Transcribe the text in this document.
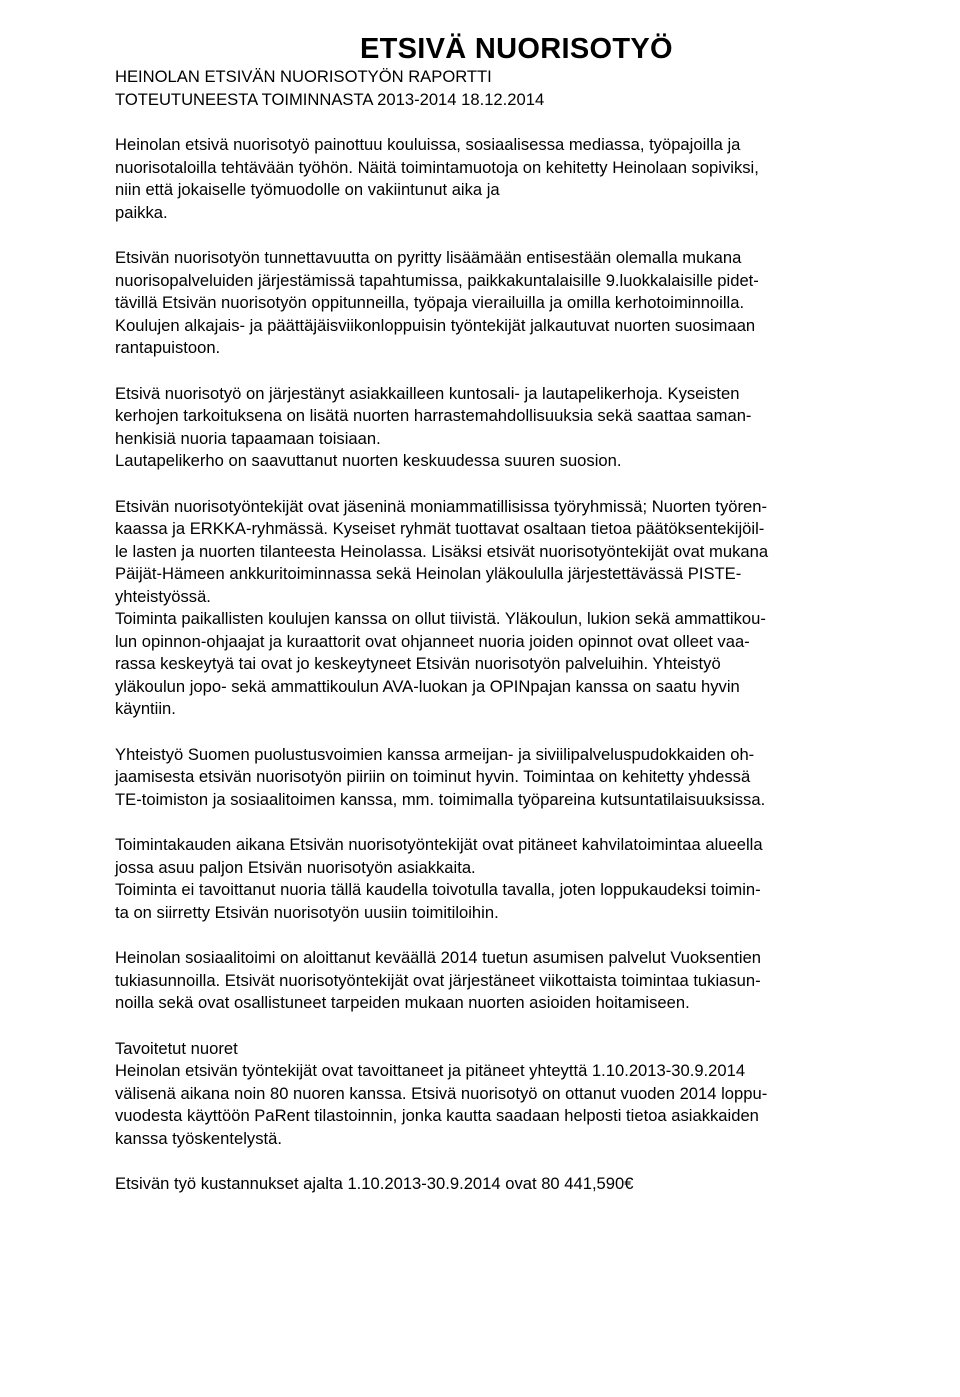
ETSIVÄ NUORISOTYÖ
HEINOLAN ETSIVÄN NUORISOTYÖN RAPORTTI
TOTEUTUNEESTA TOIMINNASTA 2013-2014 18.12.2014
Heinolan etsivä nuorisotyö painottuu kouluissa, sosiaalisessa mediassa, työpajoilla ja
nuorisotaloilla tehtävään työhön. Näitä toimintamuotoja on kehitetty Heinolaan sopiviksi,
niin että jokaiselle työmuodolle on vakiintunut aika ja
paikka.
Etsivän nuorisotyön tunnettavuutta on pyritty lisäämään entisestään olemalla mukana
nuorisopalveluiden järjestämissä tapahtumissa, paikkakuntalaisille 9.luokkalaisille pidet-
tävillä Etsivän nuorisotyön oppitunneilla, työpaja vierailuilla ja omilla kerhotoiminnoilla.
Koulujen alkajais- ja päättäjäisviikonloppuisin työntekijät jalkautuvat nuorten suosimaan
rantapuistoon.
Etsivä nuorisotyö on järjestänyt asiakkailleen kuntosali- ja lautapelikerhoja. Kyseisten
kerhojen tarkoituksena on lisätä nuorten harrastemahdollisuuksia sekä saattaa saman-
henkisiä nuoria tapaamaan toisiaan.
Lautapelikerho on saavuttanut nuorten keskuudessa suuren suosion.
Etsivän nuorisotyöntekijät ovat jäseninä moniammatillisissa työryhmissä; Nuorten työren-
kaassa ja ERKKA-ryhmässä. Kyseiset ryhmät tuottavat osaltaan tietoa päätöksentekijöil-
le lasten ja nuorten tilanteesta Heinolassa. Lisäksi etsivät nuorisotyöntekijät ovat mukana
Päijät-Hämeen ankkuritoiminnassa sekä Heinolan yläkoululla järjestettävässä PISTE-
yhteistyössä.
Toiminta paikallisten koulujen kanssa on ollut tiivistä. Yläkoulun, lukion sekä ammattikou-
lun opinnon-ohjaajat ja kuraattorit ovat ohjanneet nuoria joiden opinnot ovat olleet vaa-
rassa keskeytyä tai ovat jo keskeytyneet Etsivän nuorisotyön palveluihin. Yhteistyö
yläkoulun jopo- sekä ammattikoulun AVA-luokan ja OPINpajan kanssa on saatu hyvin
käyntiin.
Yhteistyö Suomen puolustusvoimien kanssa armeijan- ja siviilipalveluspudokkaiden oh-
jaamisesta etsivän nuorisotyön piiriin on toiminut hyvin. Toimintaa on kehitetty yhdessä
TE-toimiston ja sosiaalitoimen kanssa, mm. toimimalla työpareina kutsuntatilaisuuksissa.
Toimintakauden aikana Etsivän nuorisotyöntekijät ovat pitäneet kahvilatoimintaa alueella
jossa asuu paljon Etsivän nuorisotyön asiakkaita.
Toiminta ei tavoittanut nuoria tällä kaudella toivotulla tavalla, joten loppukaudeksi toimin-
ta on siirretty Etsivän nuorisotyön uusiin toimitiloihin.
Heinolan sosiaalitoimi on aloittanut keväällä 2014 tuetun asumisen palvelut Vuoksentien
tukiasunnoilla. Etsivät nuorisotyöntekijät ovat järjestäneet viikottaista toimintaa tukiasun-
noilla sekä ovat osallistuneet tarpeiden mukaan nuorten asioiden hoitamiseen.
Tavoitetut nuoret
Heinolan etsivän työntekijät ovat tavoittaneet ja pitäneet yhteyttä 1.10.2013-30.9.2014
välisenä aikana noin 80 nuoren kanssa. Etsivä nuorisotyö on ottanut vuoden 2014 loppu-
vuodesta käyttöön PaRent tilastoinnin, jonka kautta saadaan helposti tietoa asiakkaiden
kanssa työskentelystä.
Etsivän työ kustannukset ajalta 1.10.2013-30.9.2014 ovat 80 441,590€
